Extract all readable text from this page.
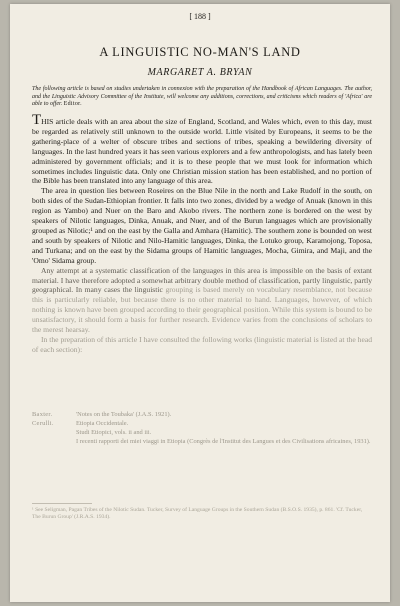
[ 188 ]
A LINGUISTIC NO-MAN'S LAND
MARGARET A. BRYAN
The following article is based on studies undertaken in connexion with the preparation of the Handbook of African Languages. The author, and the Linguistic Advisory Committee of the Institute, will welcome any additions, corrections, and criticisms which readers of 'Africa' are able to offer. Editor.

THIS article deals with an area about the size of England, Scotland, and Wales which, even to this day, must be regarded as relatively still unknown to the outside world. Little visited by Europeans, it seems to be the gathering-place of a welter of obscure tribes and sections of tribes, speaking a bewildering diversity of languages. In the last hundred years it has seen various explorers and a few anthropologists, and has lately been administered by government officials; and it is to these people that we must look for information which sometimes includes linguistic data. Only one Christian mission station has been established, and no portion of the Bible has been translated into any language of this area.

The area in question lies between Roseires on the Blue Nile in the north and Lake Rudolf in the south, on both sides of the Sudan-Ethiopian frontier. It falls into two zones, divided by a wedge of Anuak (known in this region as Yambo) and Nuer on the Baro and Akobo rivers. The northern zone is bordered on the west by speakers of Nilotic languages, Dinka, Anuak, and Nuer, and of the Burun languages which are provisionally grouped as Nilotic;¹ and on the east by the Galla and Amhara (Hamitic). The southern zone is bounded on west and south by speakers of Nilotic and Nilo-Hamitic languages, Dinka, the Lotuko group, Karamojong, Toposa, and Turkana; and on the east by the Sidama groups of Hamitic languages, Mocha, Gimira, and Maji, and the 'Omo' Sidama group.

Any attempt at a systematic classification of the languages in this area is impossible on the basis of extant material. I have therefore adopted a somewhat arbitrary double method of classification, partly linguistic, partly geographical. In many cases the linguistic grouping is based merely on vocabulary resemblance, not because this is particularly reliable, but because there is no other material to hand. Languages, however, of which nothing is known have been grouped according to their geographical position. While this system is bound to be unsatisfactory, it should form a basis for further research. Evidence varies from the conclusions of scholars to the merest hearsay.

In the preparation of this article I have consulted the following works (linguistic material is listed at the head of each section):

Baxter.	'Notes on the Toubaka' (J.A.S. 1921).
Cerulli.	Etiopia Occidentale.
Studi Etiopici, vols. ii and iii.
I recenti rapporti dei miei viaggi in Etiopia (Congrès de l'Institut des Langues et des Civilisations africaines, 1931).
¹ See Seligman, Pagan Tribes of the Nilotic Sudan. Tucker, Survey of Language Groups in the Southern Sudan (B.S.O.S. 1935), p. 861. 'Cf. Tucker, The Burun Group' (J.R.A.S. 1934).
